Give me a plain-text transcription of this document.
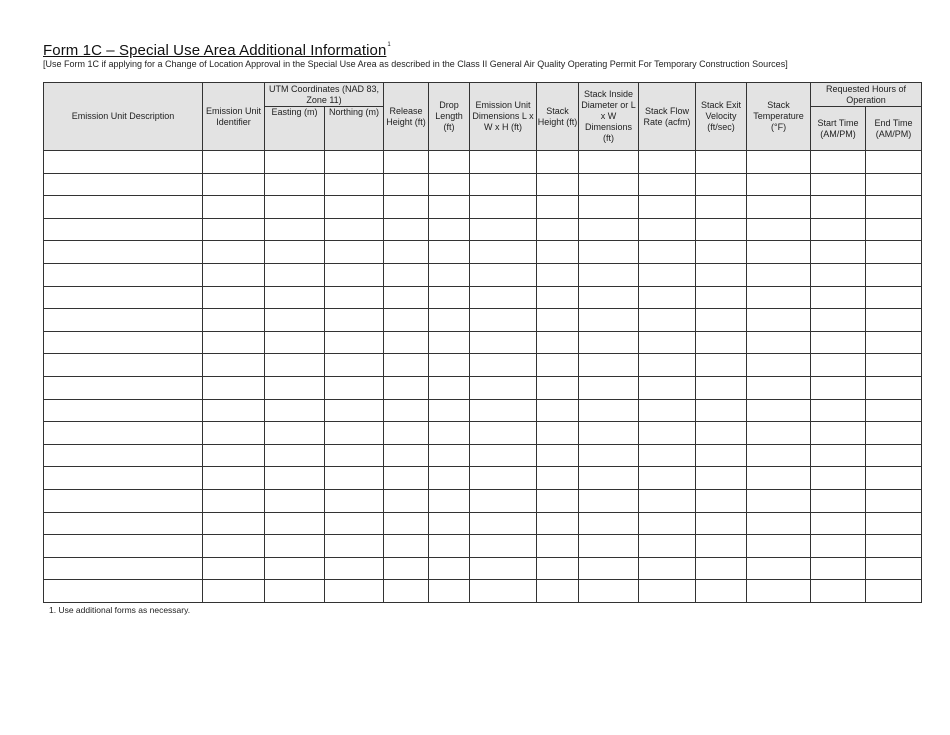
Form 1C – Special Use Area Additional Information$^1$
[Use Form 1C if applying for a Change of Location Approval in the Special Use Area as described in the Class II General Air Quality Operating Permit For Temporary Construction Sources]
Emission Unit Description	Emission Unit Identifier	UTM Coordinates (NAD 83, Zone 11)		Release Height (ft)	Drop Length (ft)	Emission Unit Dimensions L x W x H (ft)	Stack Height (ft)	Stack Inside Diameter or L x W Dimensions (ft)	Stack Flow Rate (acfm)	Stack Exit Velocity (ft/sec)	Stack Temperature (°F)	Requested Hours of Operation	
		Easting (m)	Northing (m)									Start Time (AM/PM)	End Time (AM/PM)

1. Use additional forms as necessary.
